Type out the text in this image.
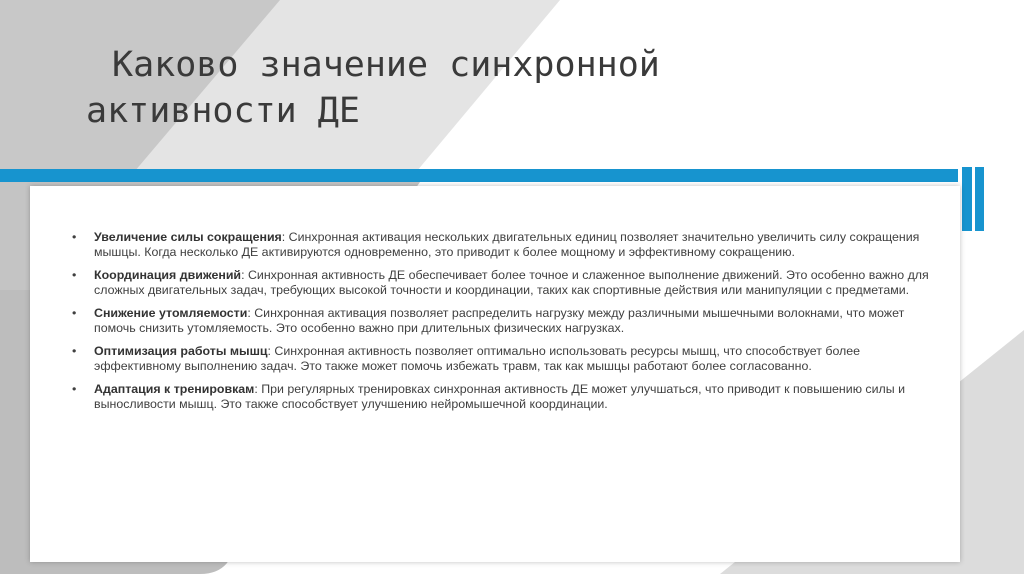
Каково значение синхронной
активности ДЕ
• Увеличение силы сокращения: Синхронная активация нескольких двигательных единиц позволяет значительно увеличить силу сокращения мышцы. Когда несколько ДЕ активируются одновременно, это приводит к более мощному и эффективному сокращению.
• Координация движений: Синхронная активность ДЕ обеспечивает более точное и слаженное выполнение движений. Это особенно важно для сложных двигательных задач, требующих высокой точности и координации, таких как спортивные действия или манипуляции с предметами.
• Снижение утомляемости: Синхронная активация позволяет распределить нагрузку между различными мышечными волокнами, что может помочь снизить утомляемость. Это особенно важно при длительных физических нагрузках.
• Оптимизация работы мышц: Синхронная активность позволяет оптимально использовать ресурсы мышц, что способствует более эффективному выполнению задач. Это также может помочь избежать травм, так как мышцы работают более согласованно.
• Адаптация к тренировкам: При регулярных тренировках синхронная активность ДЕ может улучшаться, что приводит к повышению силы и выносливости мышц. Это также способствует улучшению нейромышечной координации.
